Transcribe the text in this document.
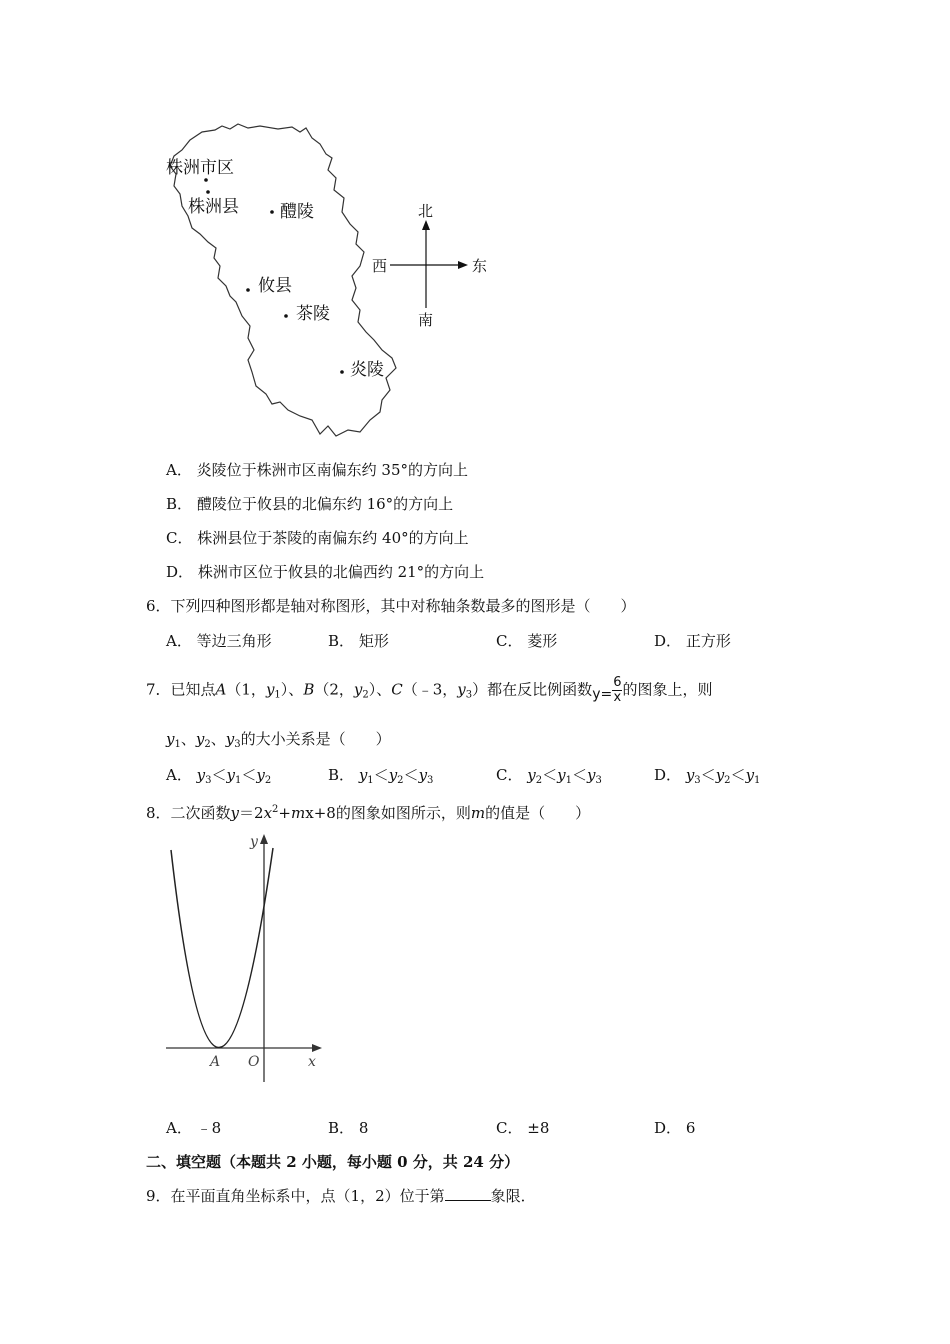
株洲市区
株洲县 醴陵
攸县
茶陵
炎陵
北
南
西	东
A． 炎陵位于株洲市区南偏东约 35°的方向上
B． 醴陵位于攸县的北偏东约 16°的方向上
C． 株洲县位于茶陵的南偏东约 40°的方向上
D． 株洲市区位于攸县的北偏西约 21°的方向上
6．下列四种图形都是轴对称图形，其中对称轴条数最多的图形是（　　）
A． 等边三角形	B． 矩形	C． 菱形	D． 正方形
7．已知点A（1，$y_1$）、B（2，$y_2$）、C（﹣3，$y_3$）都在反比例函数$y= \frac{6}{x}$ 的图象上，则
$y_1$、$y_2$、$y_3$的大小关系是（　　）
A． $y_3<y_1<y_2$	B． $y_1<y_2<y_3$	C． $y_2<y_1<y_3$	D． $y_3<y_2<y_1$
8．二次函数$y=2x^2+mx+8$的图象如图所示，则m的值是（　　）
y
x
O
A
A． ﹣8	B． 8	C． ±8	D． 6
二、填空题（本题共 2 小题，每小题 0 分，共 24 分）
9．在平面直角坐标系中，点（1，2）位于第	象限．
